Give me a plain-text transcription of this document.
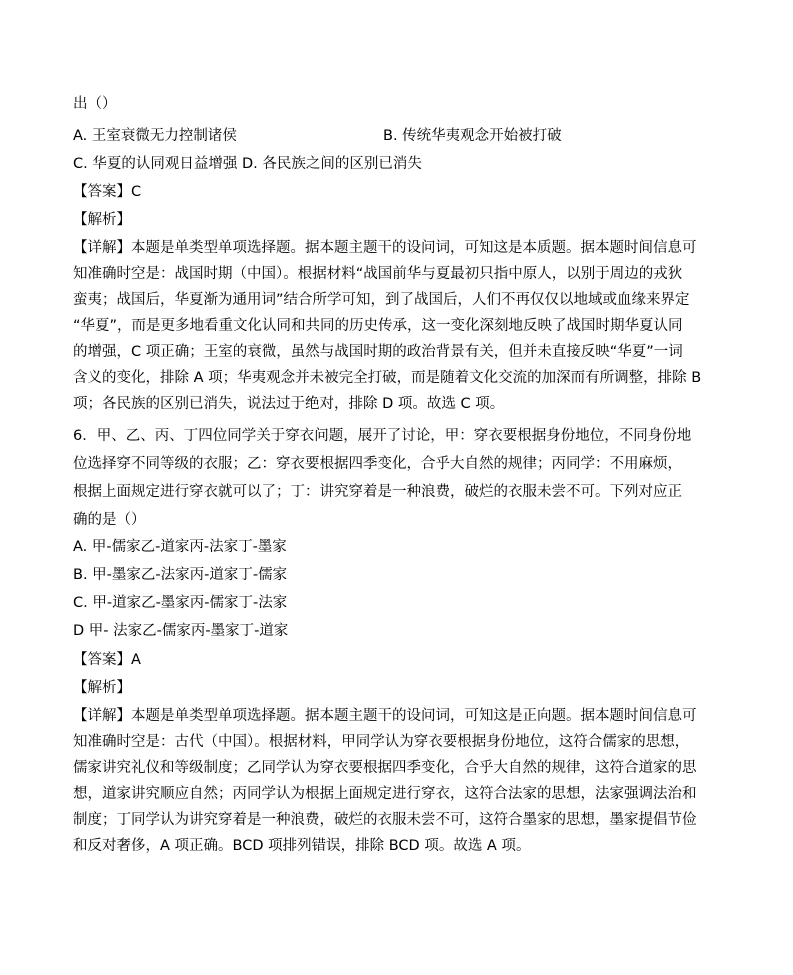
出（）
A. 王室衰微无力控制诸侯	B. 传统华夷观念开始被打破
C. 华夏的认同观日益增强 D. 各民族之间的区别已消失
【答案】C
【解析】
【详解】本题是单类型单项选择题。据本题主题干的设问词，可知这是本质题。据本题时间信息可
知准确时空是：战国时期（中国）。根据材料“战国前华与夏最初只指中原人，以别于周边的戎狄
蛮夷；战国后，华夏渐为通用词”结合所学可知，到了战国后，人们不再仅仅以地域或血缘来界定
“华夏”，而是更多地看重文化认同和共同的历史传承，这一变化深刻地反映了战国时期华夏认同
的增强，C 项正确；王室的衰微，虽然与战国时期的政治背景有关，但并未直接反映“华夏”一词
含义的变化，排除 A 项；华夷观念并未被完全打破，而是随着文化交流的加深而有所调整，排除 B
项；各民族的区别已消失，说法过于绝对，排除 D 项。故选 C 项。
6．甲、乙、丙、丁四位同学关于穿衣问题，展开了讨论，甲：穿衣要根据身份地位，不同身份地
位选择穿不同等级的衣服；乙：穿衣要根据四季变化，合乎大自然的规律；丙同学：不用麻烦，
根据上面规定进行穿衣就可以了；丁：讲究穿着是一种浪费，破烂的衣服未尝不可。下列对应正
确的是（）
A. 甲-儒家乙-道家丙-法家丁-墨家
B. 甲-墨家乙-法家丙-道家丁-儒家
C. 甲-道家乙-墨家丙-儒家丁-法家
D 甲- 法家乙-儒家丙-墨家丁-道家
【答案】A
【解析】
【详解】本题是单类型单项选择题。据本题主题干的设问词，可知这是正向题。据本题时间信息可
知准确时空是：古代（中国）。根据材料，甲同学认为穿衣要根据身份地位，这符合儒家的思想，
儒家讲究礼仪和等级制度；乙同学认为穿衣要根据四季变化，合乎大自然的规律，这符合道家的思
想，道家讲究顺应自然；丙同学认为根据上面规定进行穿衣，这符合法家的思想，法家强调法治和
制度；丁同学认为讲究穿着是一种浪费，破烂的衣服未尝不可，这符合墨家的思想，墨家提倡节俭
和反对奢侈，A 项正确。BCD 项排列错误，排除 BCD 项。故选 A 项。
